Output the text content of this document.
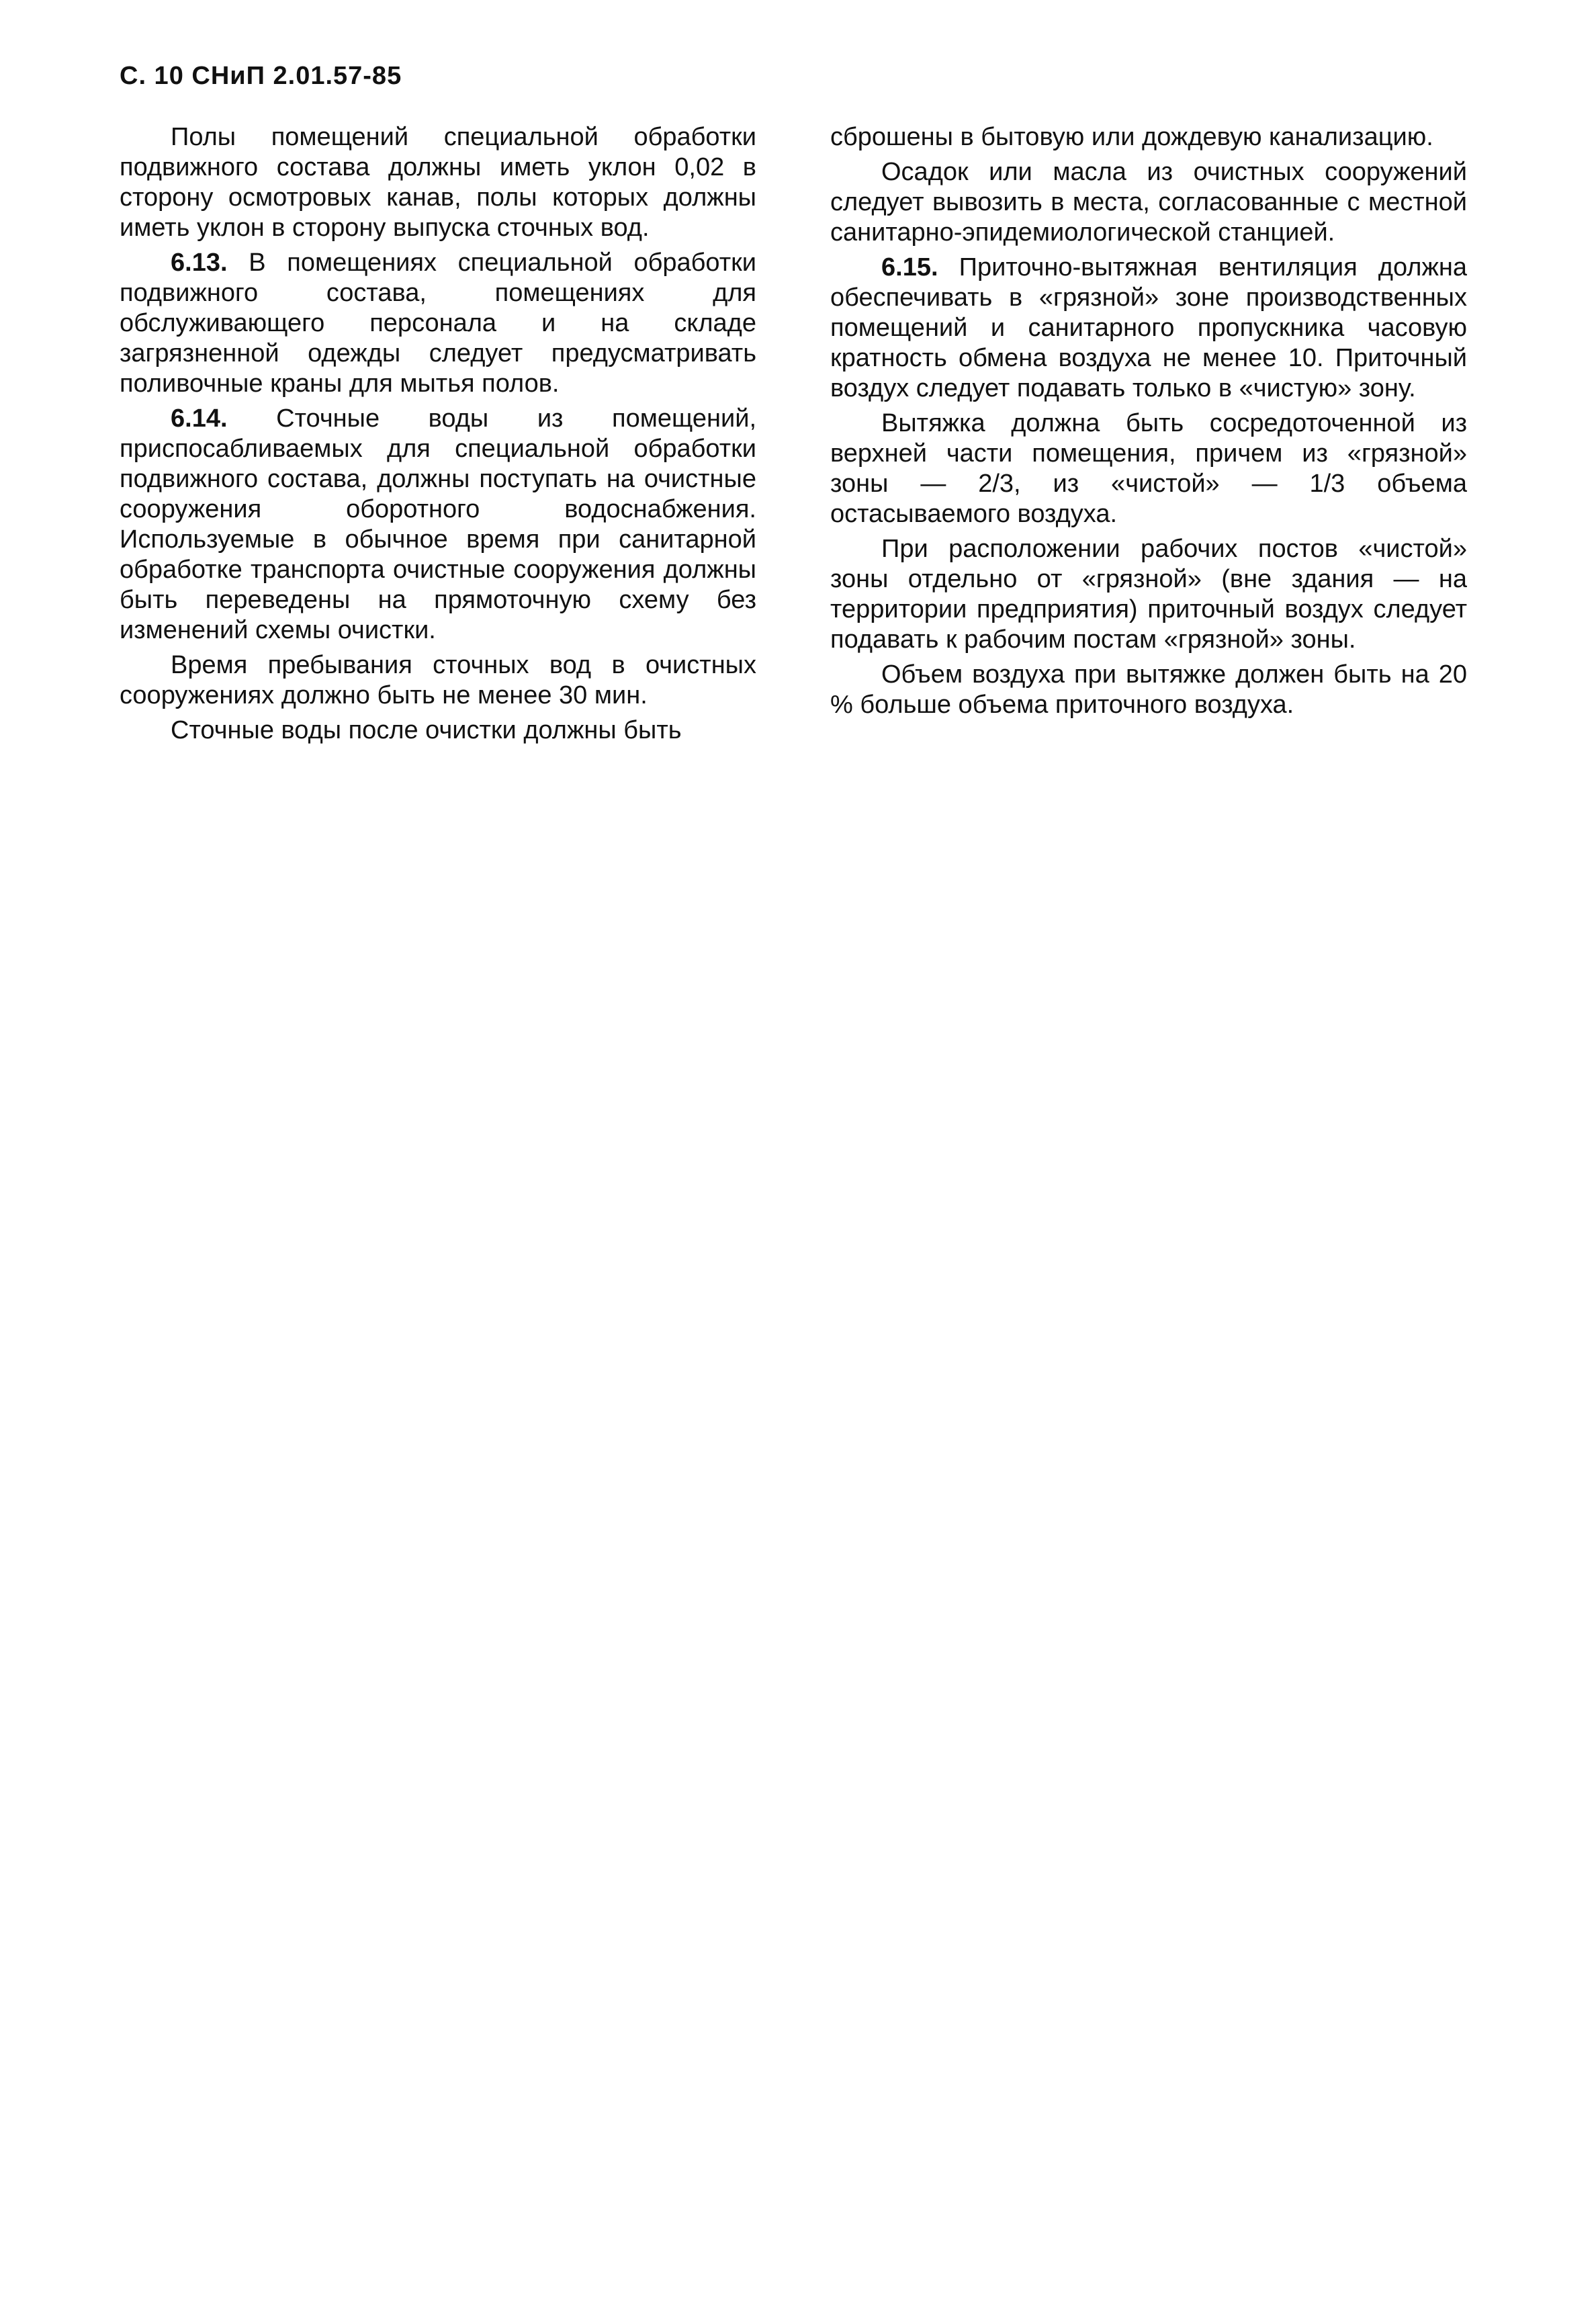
С. 10 СНиП 2.01.57-85

Полы помещений специальной обработки подвижного состава должны иметь уклон 0,02 в сторону осмотровых канав, полы которых должны иметь уклон в сторону выпуска сточных вод.

6.13. В помещениях специальной обработки подвижного состава, помещениях для обслуживающего персонала и на складе загрязненной одежды следует предусматривать поливочные краны для мытья полов.

6.14. Сточные воды из помещений, приспосабливаемых для специальной обработки подвижного состава, должны поступать на очистные сооружения оборотного водоснабжения. Используемые в обычное время при санитарной обработке транспорта очистные сооружения должны быть переведены на прямоточную схему без изменений схемы очистки.

Время пребывания сточных вод в очистных сооружениях должно быть не менее 30 мин.

Сточные воды после очистки должны быть

сброшены в бытовую или дождевую канализацию.

Осадок или масла из очистных сооружений следует вывозить в места, согласованные с местной санитарно-эпидемиологической станцией.

6.15. Приточно-вытяжная вентиляция должна обеспечивать в «грязной» зоне производственных помещений и санитарного пропускника часовую кратность обмена воздуха не менее 10. Приточный воздух следует подавать только в «чистую» зону.

Вытяжка должна быть сосредоточенной из верхней части помещения, причем из «грязной» зоны — 2/3, из «чистой» — 1/3 объема остасываемого воздуха.

При расположении рабочих постов «чистой» зоны отдельно от «грязной» (вне здания — на территории предприятия) приточный воздух следует подавать к рабочим постам «грязной» зоны.

Объем воздуха при вытяжке должен быть на 20 % больше объема приточного воздуха.
